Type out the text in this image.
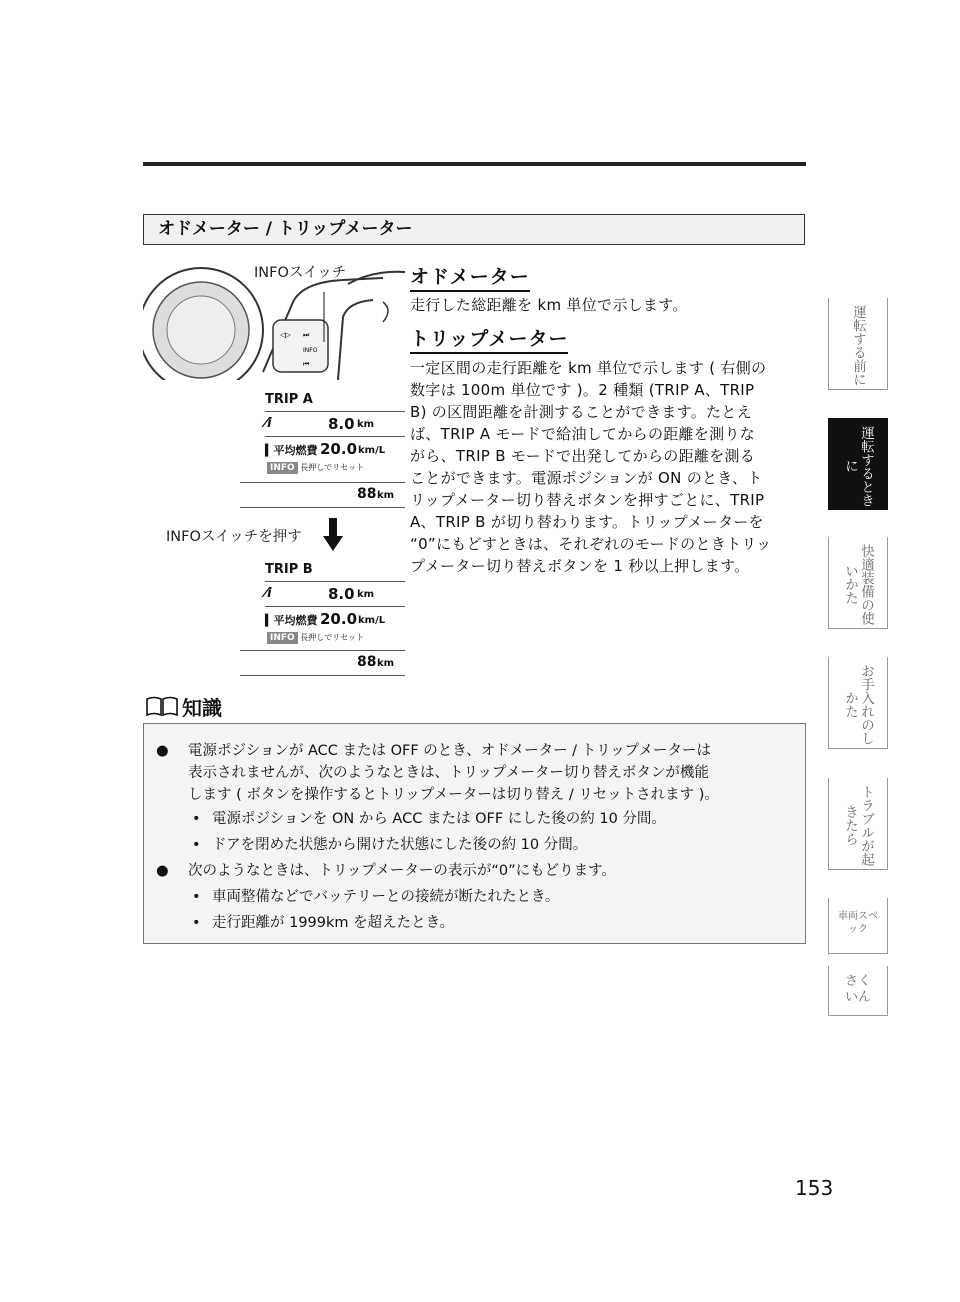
オドメーター / トリップメーター
◁▷ ⏭
INFO
⏮
INFOスイッチ
TRIP A
⁄i	8.0 km
▍平均燃費 20.0 km/L
INFO 長押しでリセット
88 km
INFOスイッチを押す
TRIP B
⁄i	8.0 km
▍平均燃費 20.0 km/L
INFO 長押しでリセット
88 km
オドメーター
走行した総距離を km 単位で示します。
トリップメーター
一定区間の走行距離を km 単位で示します ( 右側の
数字は 100m 単位です )。2 種類 (TRIP A、TRIP
B) の区間距離を計測することができます。たとえ
ば、TRIP A モードで給油してからの距離を測りな
がら、TRIP B モードで出発してからの距離を測る
ことができます。電源ポジションが ON のとき、ト
リップメーター切り替えボタンを押すごとに、TRIP
A、TRIP B が切り替わります。トリップメーターを
“0”にもどすときは、それぞれのモードのときトリッ
プメーター切り替えボタンを 1 秒以上押します。
知識
● 電源ポジションが ACC または OFF のとき、オドメーター / トリップメーターは
表示されませんが、次のようなときは、トリップメーター切り替えボタンが機能
します ( ボタンを操作するとトリップメーターは切り替え / リセットされます )。
• 電源ポジションを ON から ACC または OFF にした後の約 10 分間。
• ドアを閉めた状態から開けた状態にした後の約 10 分間。
● 次のようなときは、トリップメーターの表示が“0”にもどります。
• 車両整備などでバッテリーとの接続が断たれたとき。
• 走行距離が 1999km を超えたとき。
運転する前に
運転するときに
快適装備の使いかた
お手入れのしかた
トラブルが起きたら
車両スペック
さくいん
153
